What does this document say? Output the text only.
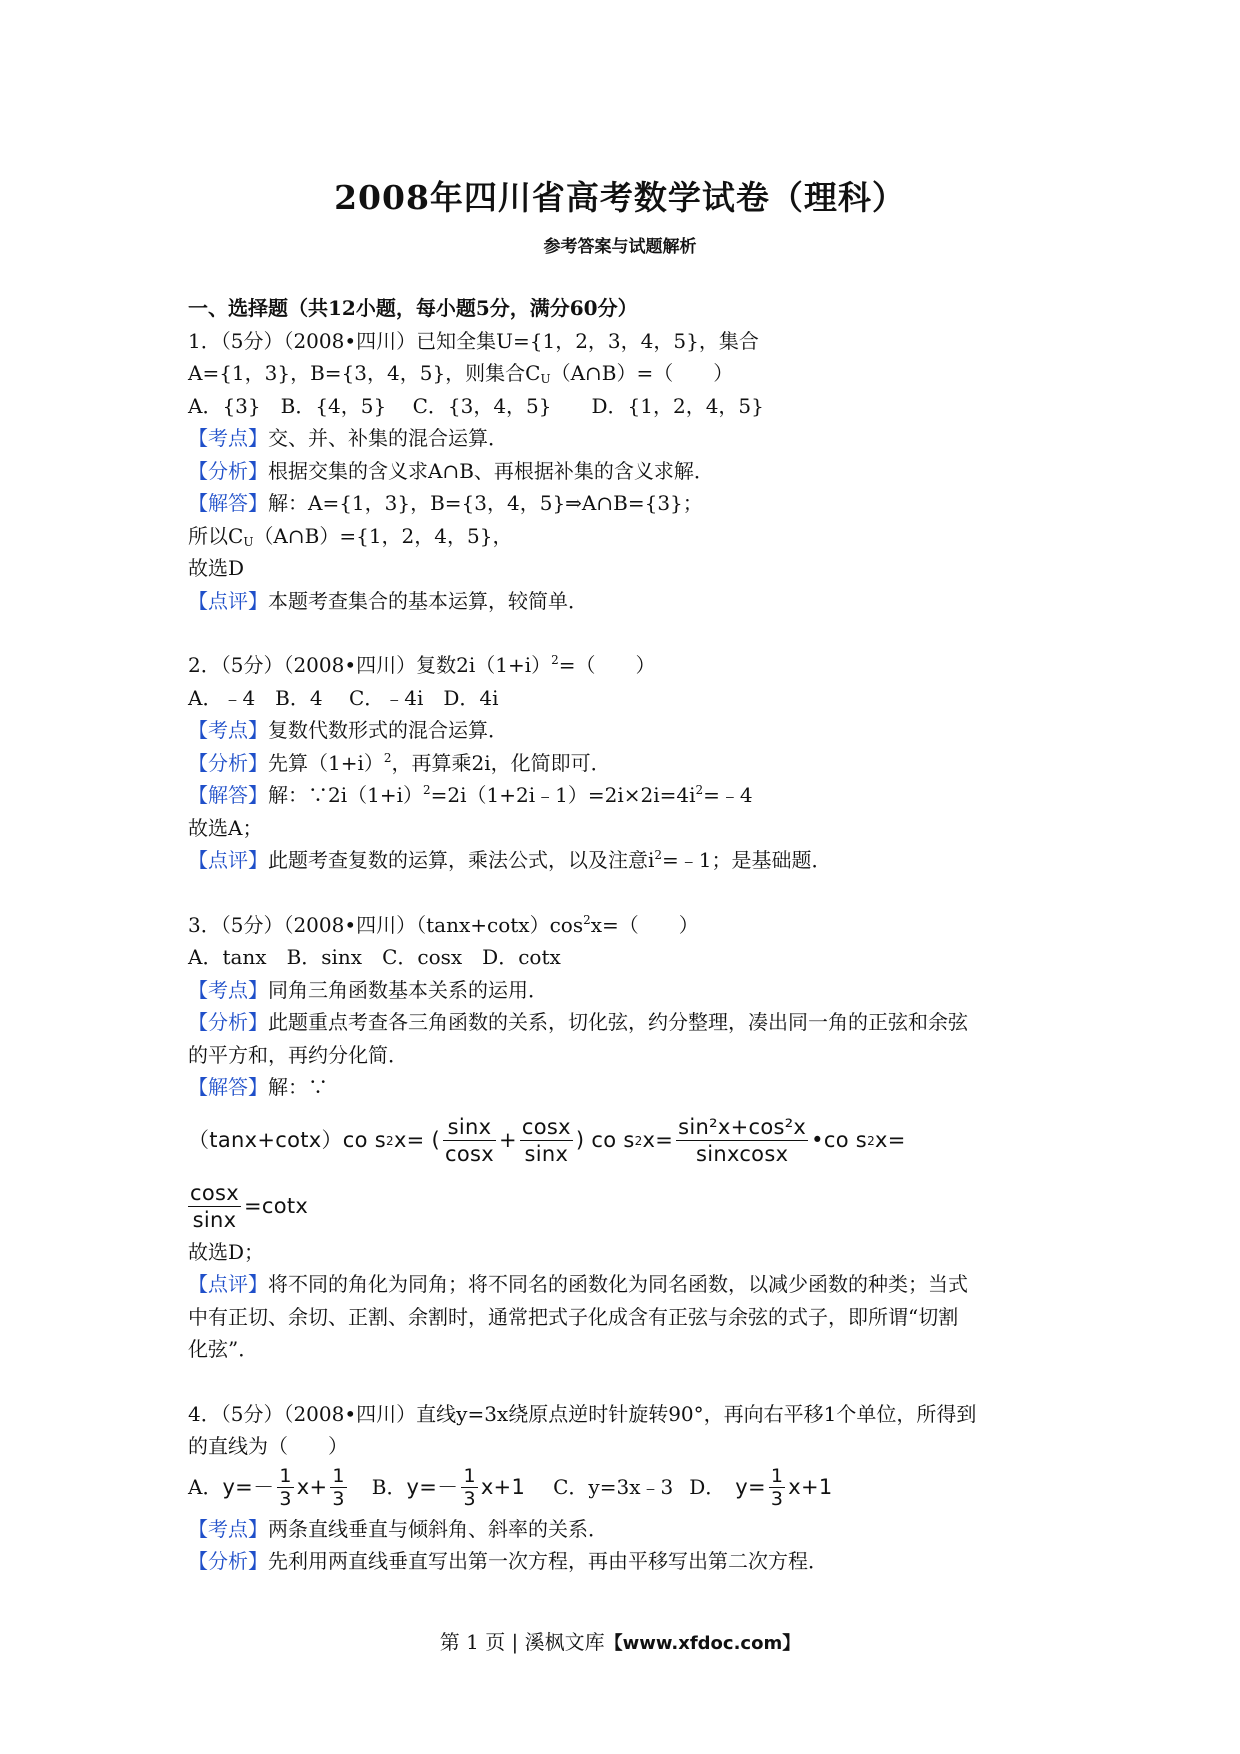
2008年四川省高考数学试卷（理科）
参考答案与试题解析
一、选择题（共12小题，每小题5分，满分60分）
1．（5分）（2008•四川）已知全集U={1，2，3，4，5}，集合
A={1，3}，B={3，4，5}，则集合$C_U(A\cap B)=$（　　）
A．{3}　B．{4，5}　 C．{3，4，5}　　D．{1，2，4，5}
【考点】交、并、补集的混合运算．
【分析】根据交集的含义求A∩B、再根据补集的含义求解．
【解答】解：A={1，3}，B={3，4，5}⇒A∩B={3}；
所以$C_U(A\cap B)=\{1$，2，4，5}，
故选D
【点评】本题考查集合的基本运算，较简单．
2．（5分）（2008•四川）复数$2i(1+i)^2=$（　　）
A．﹣4　B．4　 C．﹣4i　D．4i
【考点】复数代数形式的混合运算．
【分析】先算$(1+i)^2$，再算乘2i，化简即可．
【解答】解：$\because 2i(1+i)^2=2i(1+2i﹣1)=2i\times 2i=4i^2=﹣4$
故选A；
【点评】此题考查复数的运算，乘法公式，以及注意$i^2=﹣1$；是基础题．
3．（5分）（2008•四川）$(\tan x+\cot x)\cos^2x=$（　　）
A．tanx　B．sinx　C．cosx　D．cotx
【考点】同角三角函数基本关系的运用．
【分析】此题重点考查各三角函数的关系，切化弦，约分整理，凑出同一角的正弦和余弦
的平方和，再约分化简．
【解答】解：∵
（tanx+cotx）co s 2 x= ( $\frac{\sin x}{\cos x} + \frac{\cos x}{\sin x}$ ) co s 2 $x= \frac{\text{sin²x+cos²x}}{\text{sinxcosx}}$ •co s 2 x=
$\frac{\cos x}{\sin x} =\cot x$
故选D；
【点评】将不同的角化为同角；将不同名的函数化为同名函数，以减少函数的种类；当式
中有正切、余切、正割、余割时，通常把式子化成含有正弦与余弦的式子，即所谓“切割
化弦”．
4．（5分）（2008•四川）直线y=3x绕原点逆时针旋转90°，再向右平移1个单位，所得到
的直线为（　　）
A． $y=- \frac{1}{3} x+ \frac{1}{3}$ B． $y=- \frac{1}{3} x+1$ C．y=3x﹣3 D． $y= \frac{1}{3} x+1$
【考点】两条直线垂直与倾斜角、斜率的关系．
【分析】先利用两直线垂直写出第一次方程，再由平移写出第二次方程．
第 1 页 | 溪枫文库【www.xfdoc.com】
